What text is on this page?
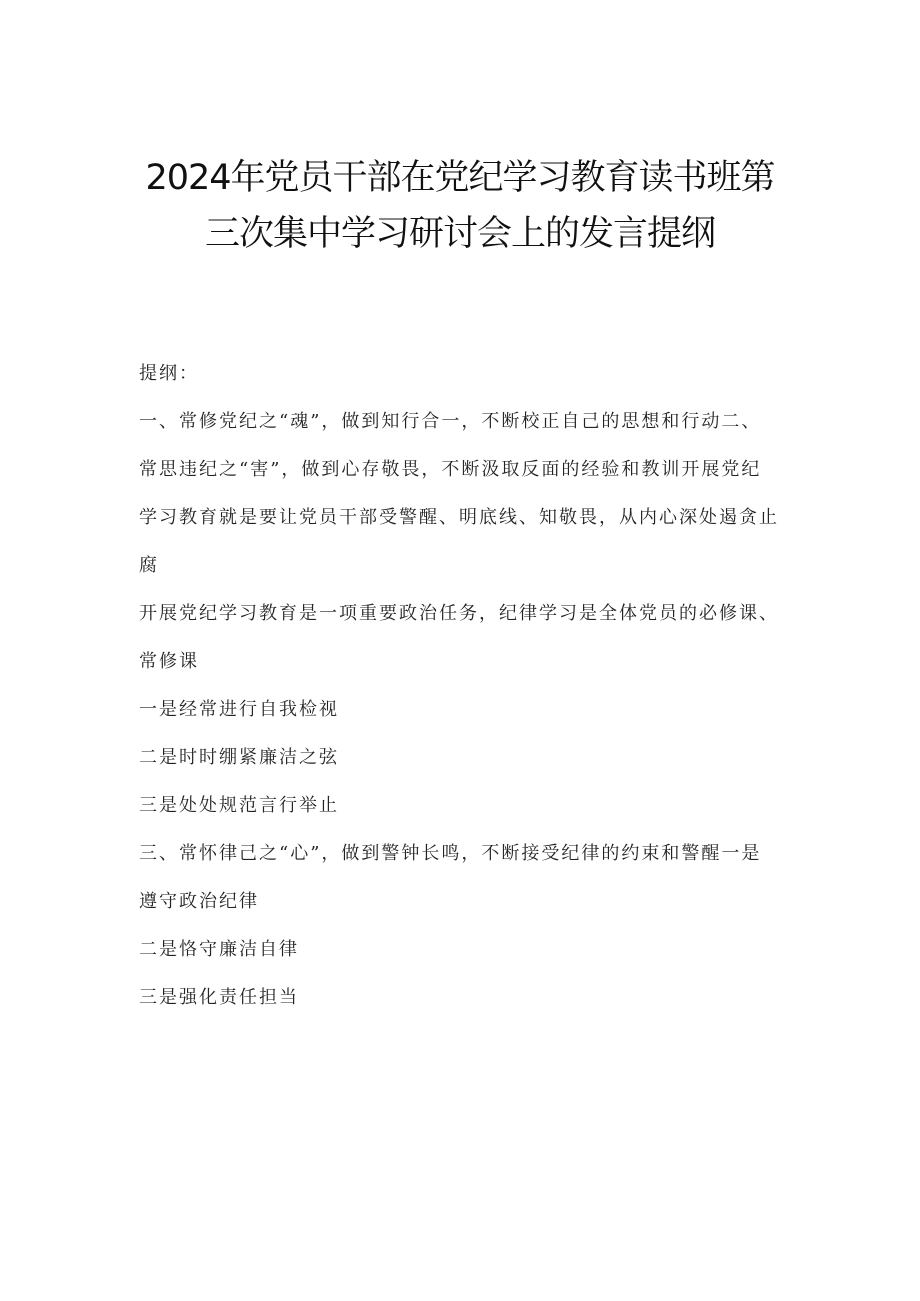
2024年党员干部在党纪学习教育读书班第
三次集中学习研讨会上的发言提纲
提纲：
一、常修党纪之“魂”，做到知行合一，不断校正自己的思想和行动二、
常思违纪之“害”，做到心存敬畏，不断汲取反面的经验和教训开展党纪
学习教育就是要让党员干部受警醒、明底线、知敬畏，从内心深处遏贪止
腐
开展党纪学习教育是一项重要政治任务，纪律学习是全体党员的必修课、
常修课
一是经常进行自我检视
二是时时绷紧廉洁之弦
三是处处规范言行举止
三、常怀律己之“心”，做到警钟长鸣，不断接受纪律的约束和警醒一是
遵守政治纪律
二是恪守廉洁自律
三是强化责任担当
